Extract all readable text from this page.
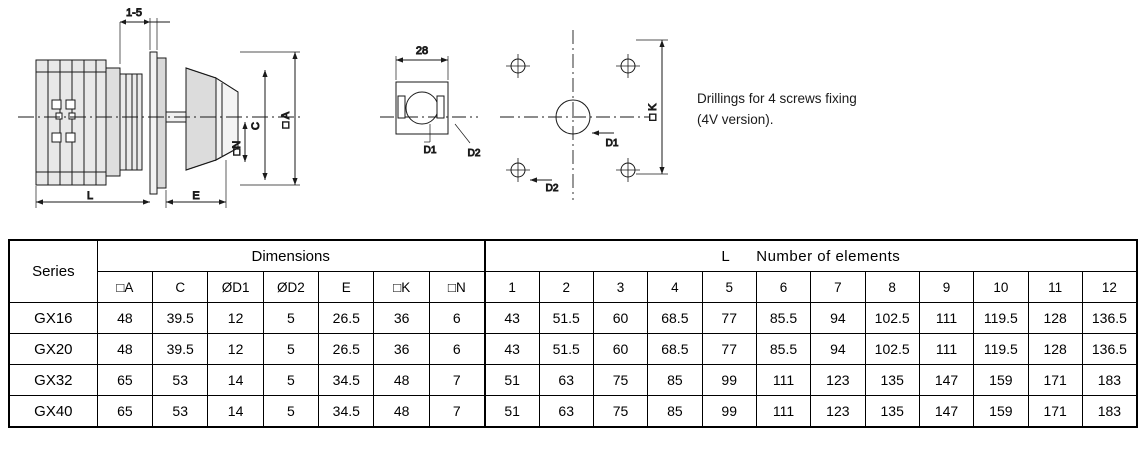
1-5
□ A
C
□N
L	E
28
D1	D2
D1
D2
□ K
Drillings for 4 screws fixing
(4V version).
Series	Dimensions							L Number of elements											
	□A	C	ØD1	ØD2	E	□K	□N	1	2	3	4	5	6	7	8	9	10	11	12
GX16	48	39.5	12	5	26.5	36	6	43	51.5	60	68.5	77	85.5	94	102.5	111	119.5	128	136.5
GX20	48	39.5	12	5	26.5	36	6	43	51.5	60	68.5	77	85.5	94	102.5	111	119.5	128	136.5
GX32	65	53	14	5	34.5	48	7	51	63	75	85	99	111	123	135	147	159	171	183
GX40	65	53	14	5	34.5	48	7	51	63	75	85	99	111	123	135	147	159	171	183
